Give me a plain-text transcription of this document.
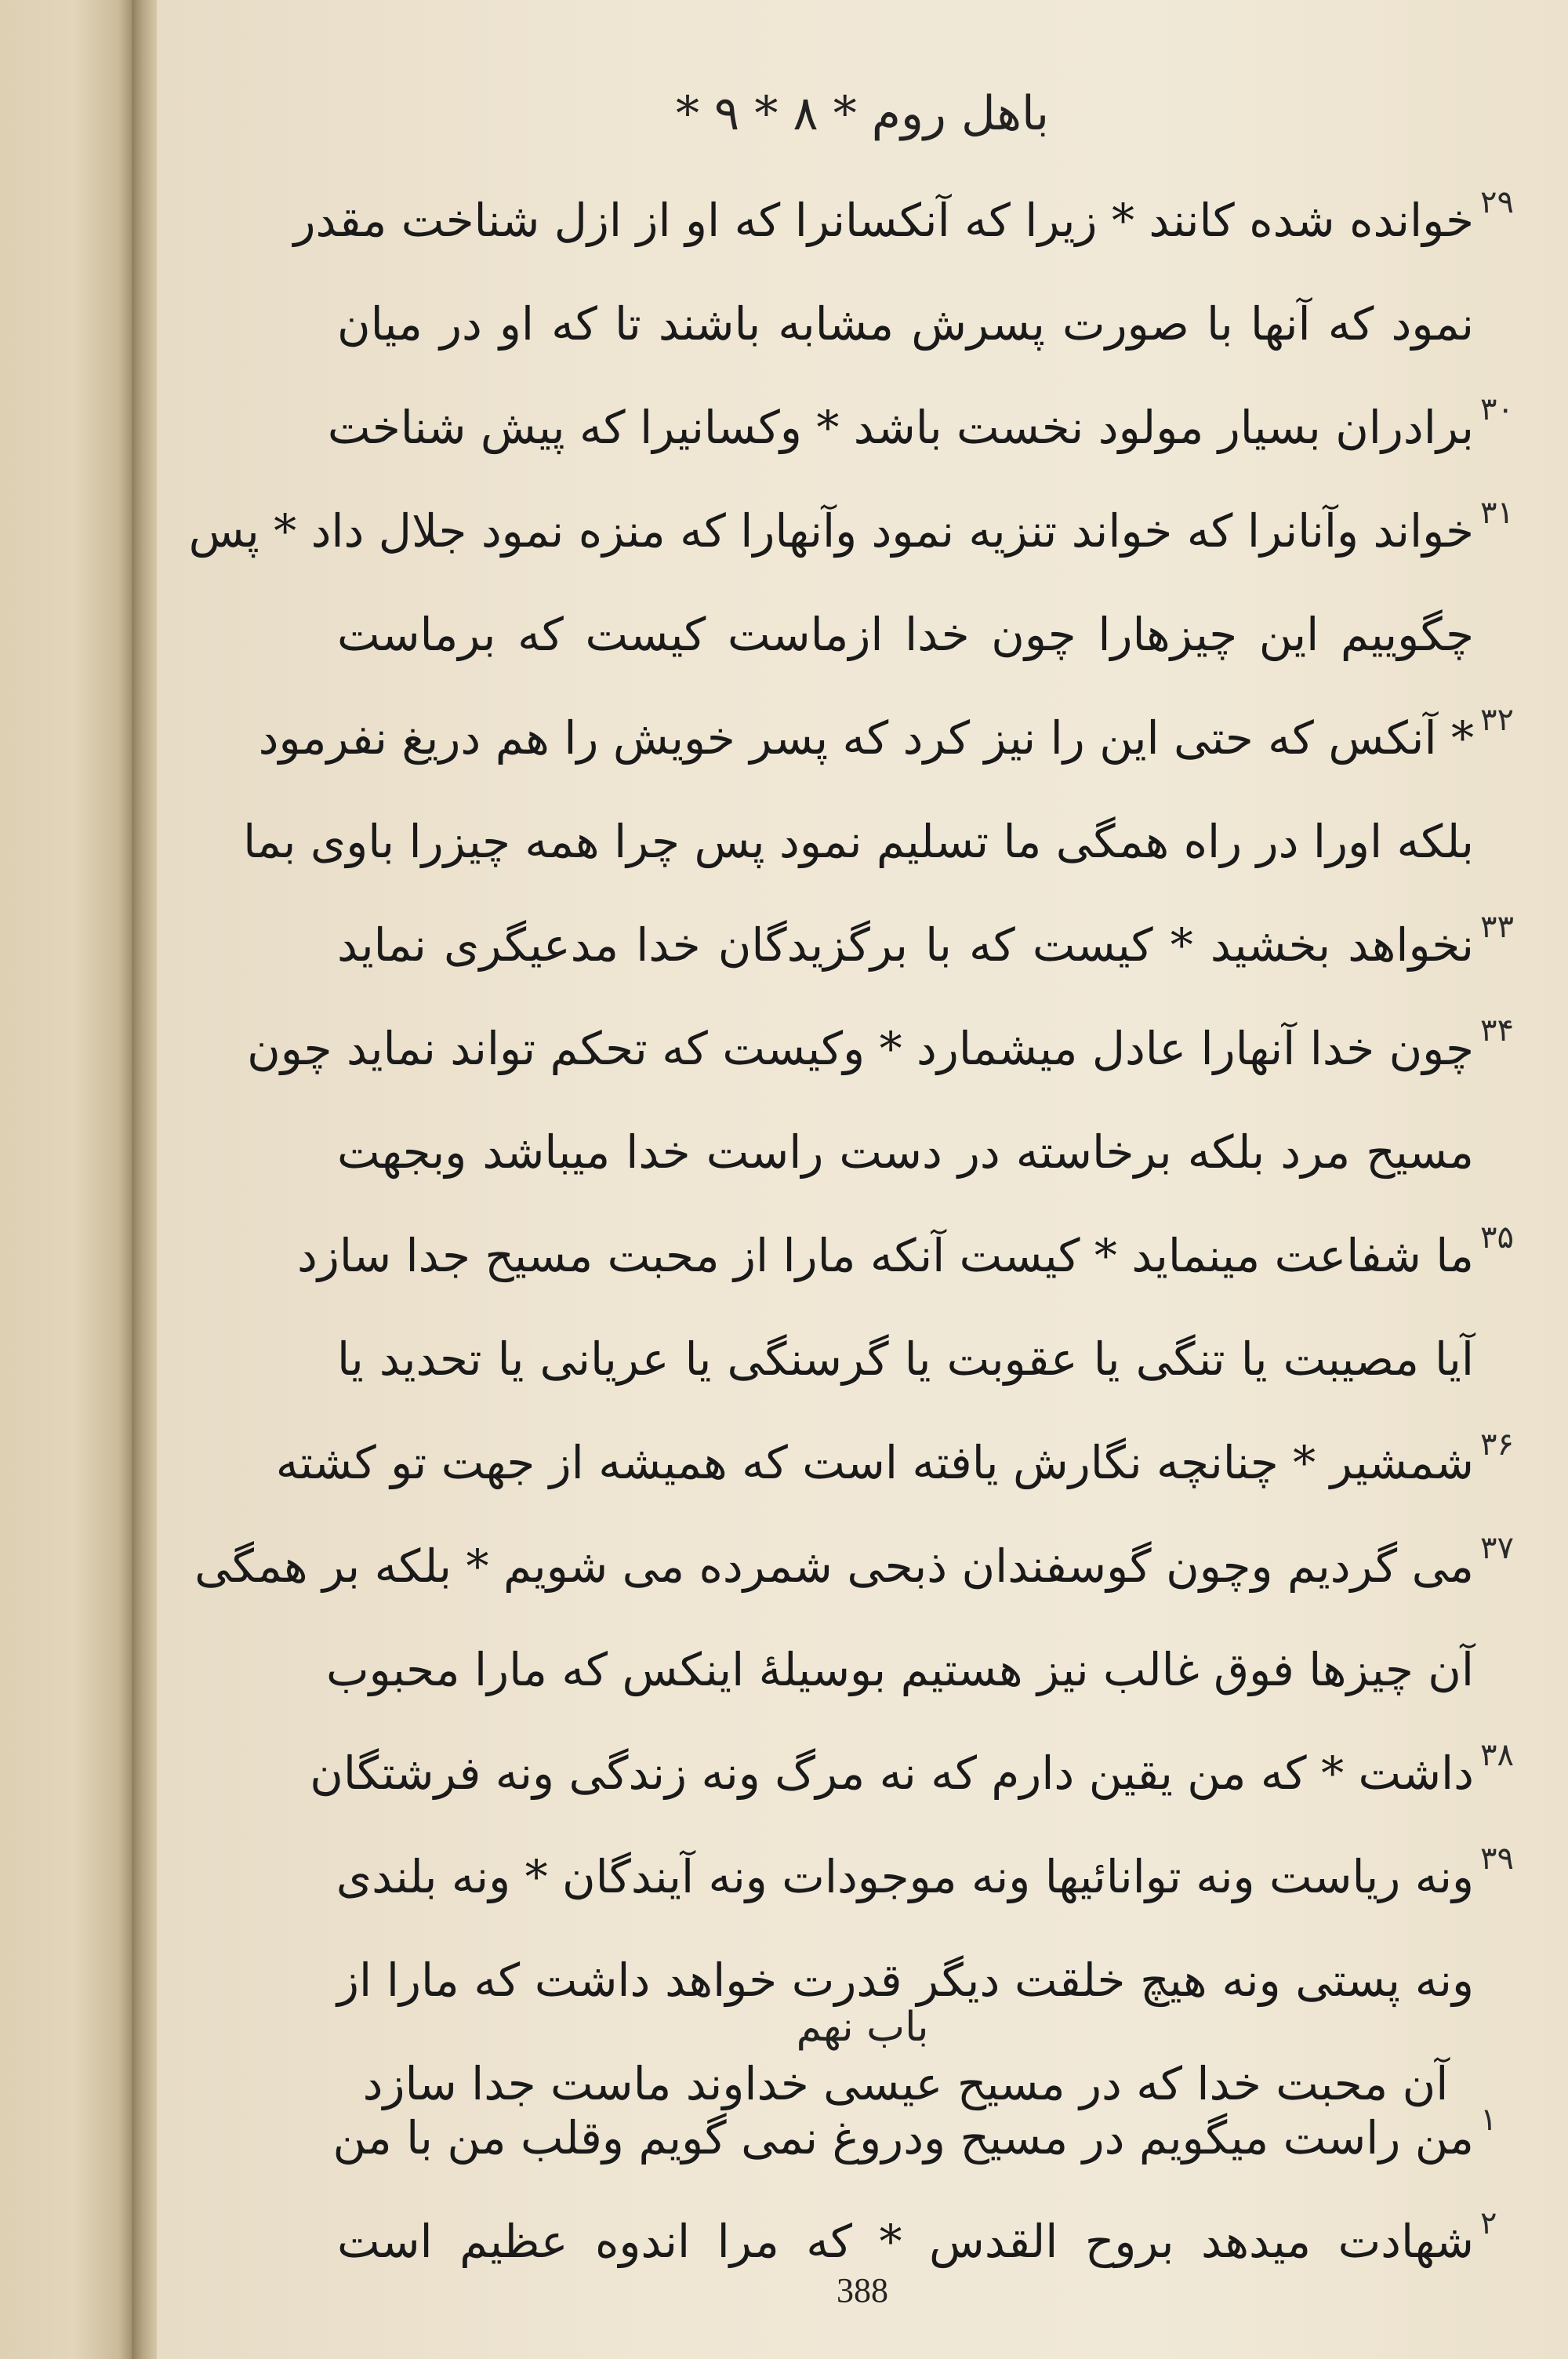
باهل روم * ۸ * ۹ *
۲۹
خوانده شده کانند * زیرا که آنکسانرا که او از ازل شناخت مقدر
نمود که آنها با صورت پسرش مشابه باشند تا که او در میان
۳۰
برادران بسیار مولود نخست باشد * وکسانیرا که پیش شناخت
۳۱
خواند وآنانرا که خواند تنزیه نمود وآنهارا که منزه نمود جلال داد * پس
چگوییم این چیزهارا چون خدا ازماست کیست که برماست
۳۲
* آنکس که حتی این را نیز کرد که پسر خویش را هم دریغ نفرمود
بلکه اورا در راه همگی ما تسلیم نمود پس چرا همه چیزرا باوی بما
۳۳
نخواهد بخشید * کیست که با برگزیدگان خدا مدعیگری نماید
۳۴
چون خدا آنهارا عادل میشمارد * وکیست که تحکم تواند نماید چون
مسیح مرد بلکه برخاسته در دست راست خدا میباشد وبجهت
۳۵
ما شفاعت مینماید * کیست آنکه مارا از محبت مسیح جدا سازد
آیا مصیبت یا تنگی یا عقوبت یا گرسنگی یا عریانی یا تحدید یا
۳۶
شمشیر * چنانچه نگارش یافته است که همیشه از جهت تو کشته
۳۷
می گردیم وچون گوسفندان ذبحی شمرده می شویم * بلکه بر همگی
آن چیزها فوق غالب نیز هستیم بوسیلهٔ اینکس که مارا محبوب
۳۸
داشت * که من یقین دارم که نه مرگ ونه زندگی ونه فرشتگان
۳۹
ونه ریاست ونه توانائیها ونه موجودات ونه آیندگان * ونه بلندی
ونه پستی ونه هیچ خلقت دیگر قدرت خواهد داشت که مارا از
آن محبت خدا که در مسیح عیسی خداوند ماست جدا سازد
باب نهم
۱
من راست میگویم در مسیح ودروغ نمی گویم وقلب من با من
۲
شهادت میدهد بروح القدس * که مرا اندوه عظیم است
388
